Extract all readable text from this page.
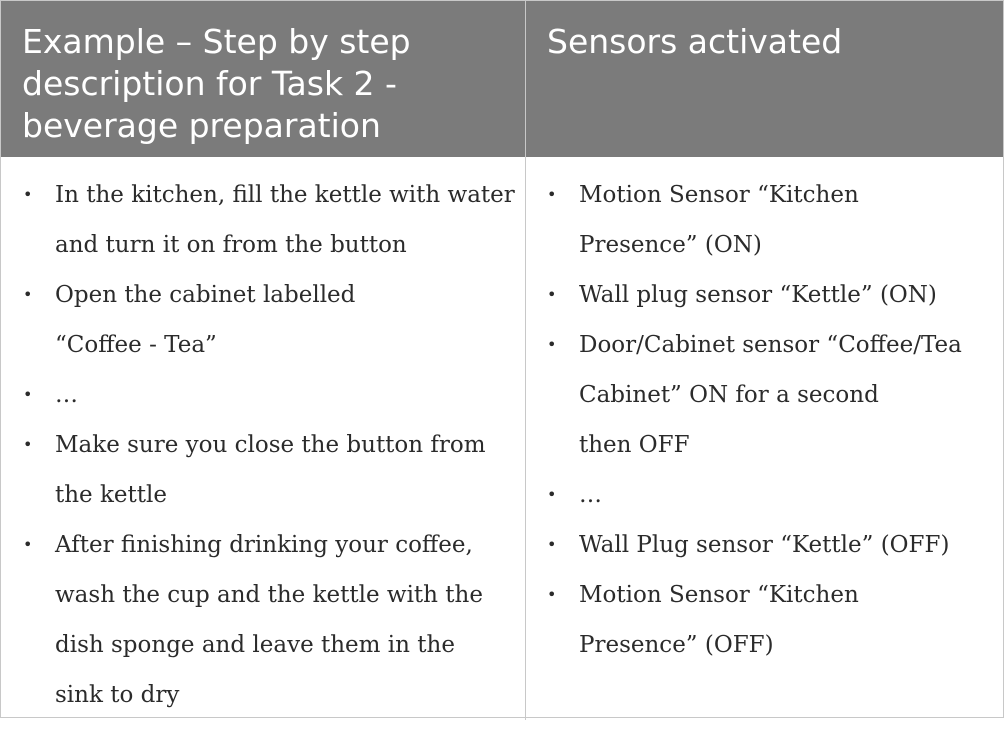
Example – Step by step
description for Task 2 -
beverage preparation
Sensors activated
• In the kitchen, fill the kettle with water
and turn it on from the button
• Open the cabinet labelled
“Coffee - Tea”
• …
• Make sure you close the button from
the kettle
• After finishing drinking your coffee,
wash the cup and the kettle with the
dish sponge and leave them in the
sink to dry
• Motion Sensor “Kitchen
Presence” (ON)
• Wall plug sensor “Kettle” (ON)
• Door/Cabinet sensor “Coffee/Tea
Cabinet” ON for a second
then OFF
• …
• Wall Plug sensor “Kettle” (OFF)
• Motion Sensor “Kitchen
Presence” (OFF)
